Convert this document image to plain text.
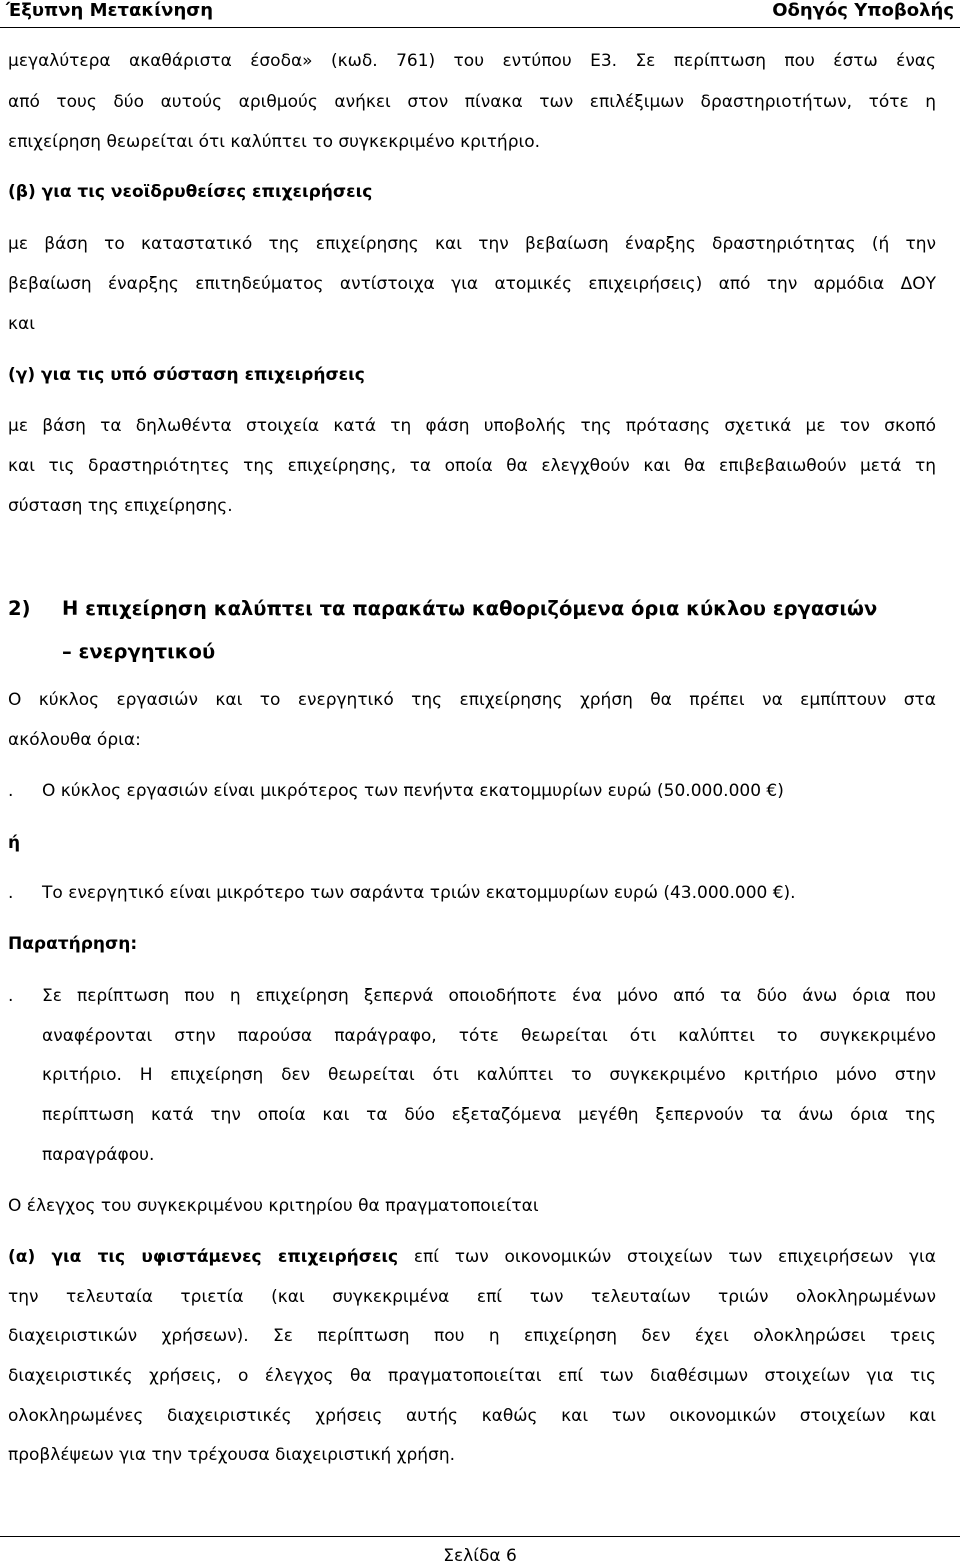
Έξυπνη Μετακίνηση	Οδηγός Υποβολής
μεγαλύτερα ακαθάριστα έσοδα» (κωδ. 761) του εντύπου Ε3. Σε περίπτωση που έστω ένας
από τους δύο αυτούς αριθμούς ανήκει στον πίνακα των επιλέξιμων δραστηριοτήτων, τότε η
επιχείρηση θεωρείται ότι καλύπτει το συγκεκριμένο κριτήριο.
(β) για τις νεοϊδρυθείσες επιχειρήσεις
με βάση το καταστατικό της επιχείρησης και την βεβαίωση έναρξης δραστηριότητας (ή την
βεβαίωση έναρξης επιτηδεύματος αντίστοιχα για ατομικές επιχειρήσεις) από την αρμόδια ΔΟΥ
και
(γ) για τις υπό σύσταση επιχειρήσεις
με βάση τα δηλωθέντα στοιχεία κατά τη φάση υποβολής της πρότασης σχετικά με τον σκοπό
και τις δραστηριότητες της επιχείρησης, τα οποία θα ελεγχθούν και θα επιβεβαιωθούν μετά τη
σύσταση της επιχείρησης.
2)	Η επιχείρηση καλύπτει τα παρακάτω καθοριζόμενα όρια κύκλου εργασιών
– ενεργητικού
Ο κύκλος εργασιών και το ενεργητικό της επιχείρησης χρήση θα πρέπει να εμπίπτουν στα
ακόλουθα όρια:
. Ο κύκλος εργασιών είναι μικρότερος των πενήντα εκατομμυρίων ευρώ (50.000.000 €)
ή
. Το ενεργητικό είναι μικρότερο των σαράντα τριών εκατομμυρίων ευρώ (43.000.000 €).
Παρατήρηση:
. Σε περίπτωση που η επιχείρηση ξεπερνά οποιοδήποτε ένα μόνο από τα δύο άνω όρια που
αναφέρονται στην παρούσα παράγραφο, τότε θεωρείται ότι καλύπτει το συγκεκριμένο
κριτήριο. Η επιχείρηση δεν θεωρείται ότι καλύπτει το συγκεκριμένο κριτήριο μόνο στην
περίπτωση κατά την οποία και τα δύο εξεταζόμενα μεγέθη ξεπερνούν τα άνω όρια της
παραγράφου.
Ο έλεγχος του συγκεκριμένου κριτηρίου θα πραγματοποιείται
(α) για τις υφιστάμενες επιχειρήσεις επί των οικονομικών στοιχείων των επιχειρήσεων για
την τελευταία τριετία (και συγκεκριμένα επί των τελευταίων τριών ολοκληρωμένων
διαχειριστικών χρήσεων). Σε περίπτωση που η επιχείρηση δεν έχει ολοκληρώσει τρεις
διαχειριστικές χρήσεις, ο έλεγχος θα πραγματοποιείται επί των διαθέσιμων στοιχείων για τις
ολοκληρωμένες διαχειριστικές χρήσεις αυτής καθώς και των οικονομικών στοιχείων και
προβλέψεων για την τρέχουσα διαχειριστική χρήση.
Σελίδα 6
